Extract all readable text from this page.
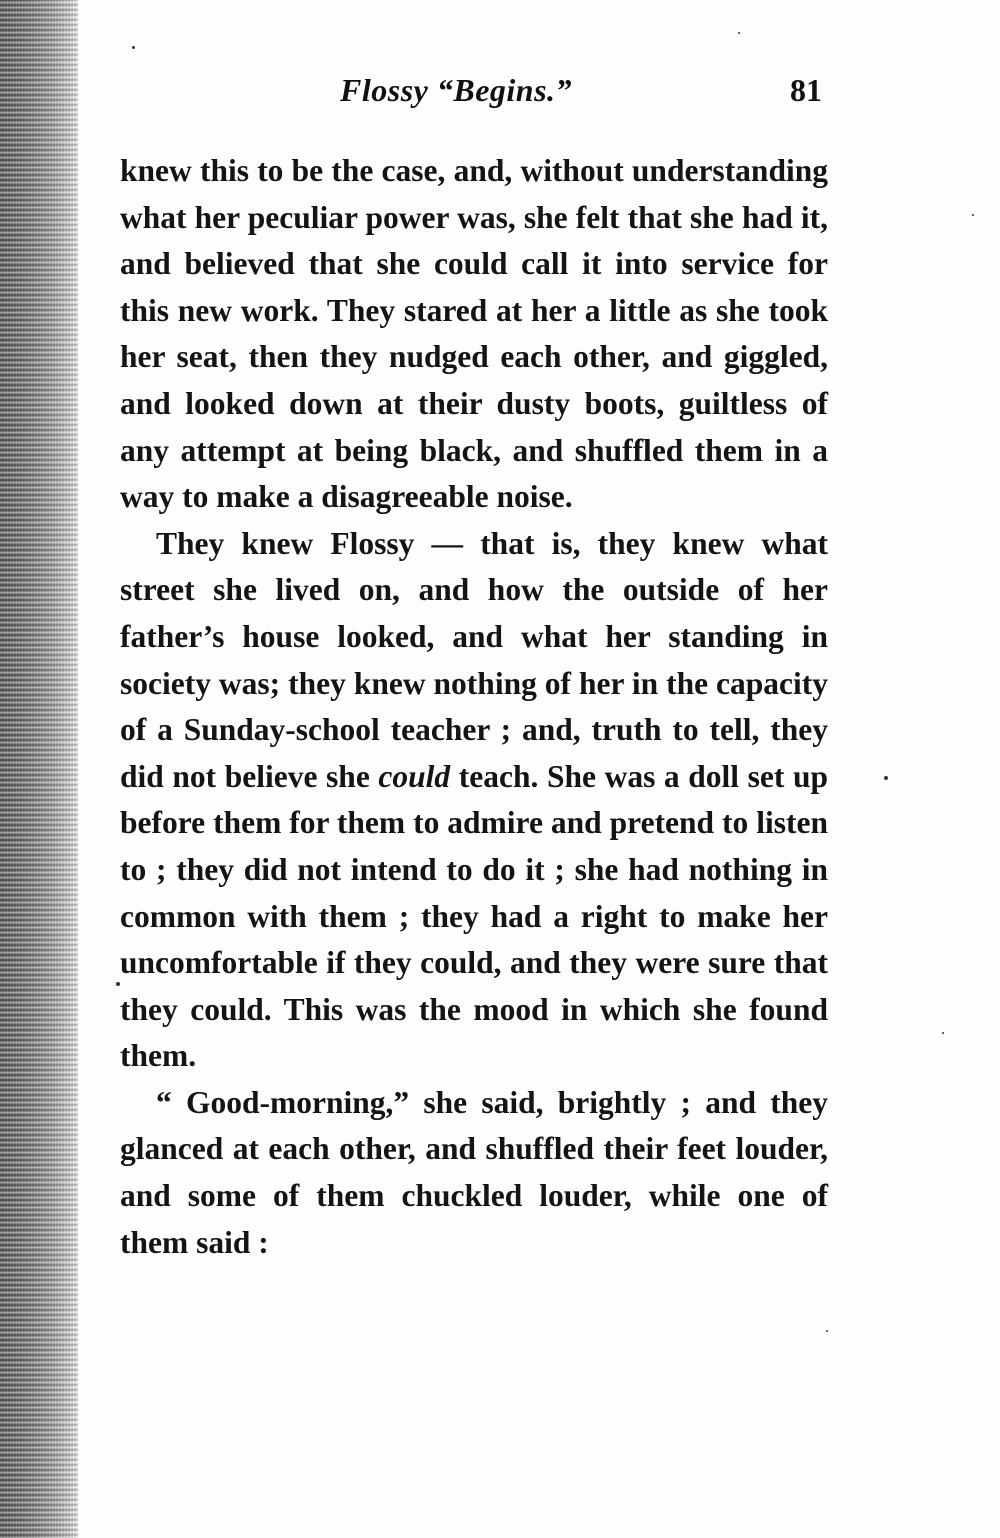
Flossy “Begins.”	81

knew this to be the case, and, without understanding what her peculiar power was, she felt that she had it, and believed that she could call it into service for this new work. They stared at her a little as she took her seat, then they nudged each other, and giggled, and looked down at their dusty boots, guiltless of any attempt at being black, and shuffled them in a way to make a disagreeable noise.

They knew Flossy — that is, they knew what street she lived on, and how the outside of her father’s house looked, and what her standing in society was; they knew nothing of her in the capacity of a Sunday-school teacher ; and, truth to tell, they did not believe she could teach. She was a doll set up before them for them to admire and pretend to listen to ; they did not intend to do it ; she had nothing in common with them ; they had a right to make her uncomfortable if they could, and they were sure that they could. This was the mood in which she found them.

“ Good-morning,” she said, brightly ; and they glanced at each other, and shuffled their feet louder, and some of them chuckled louder, while one of them said :
